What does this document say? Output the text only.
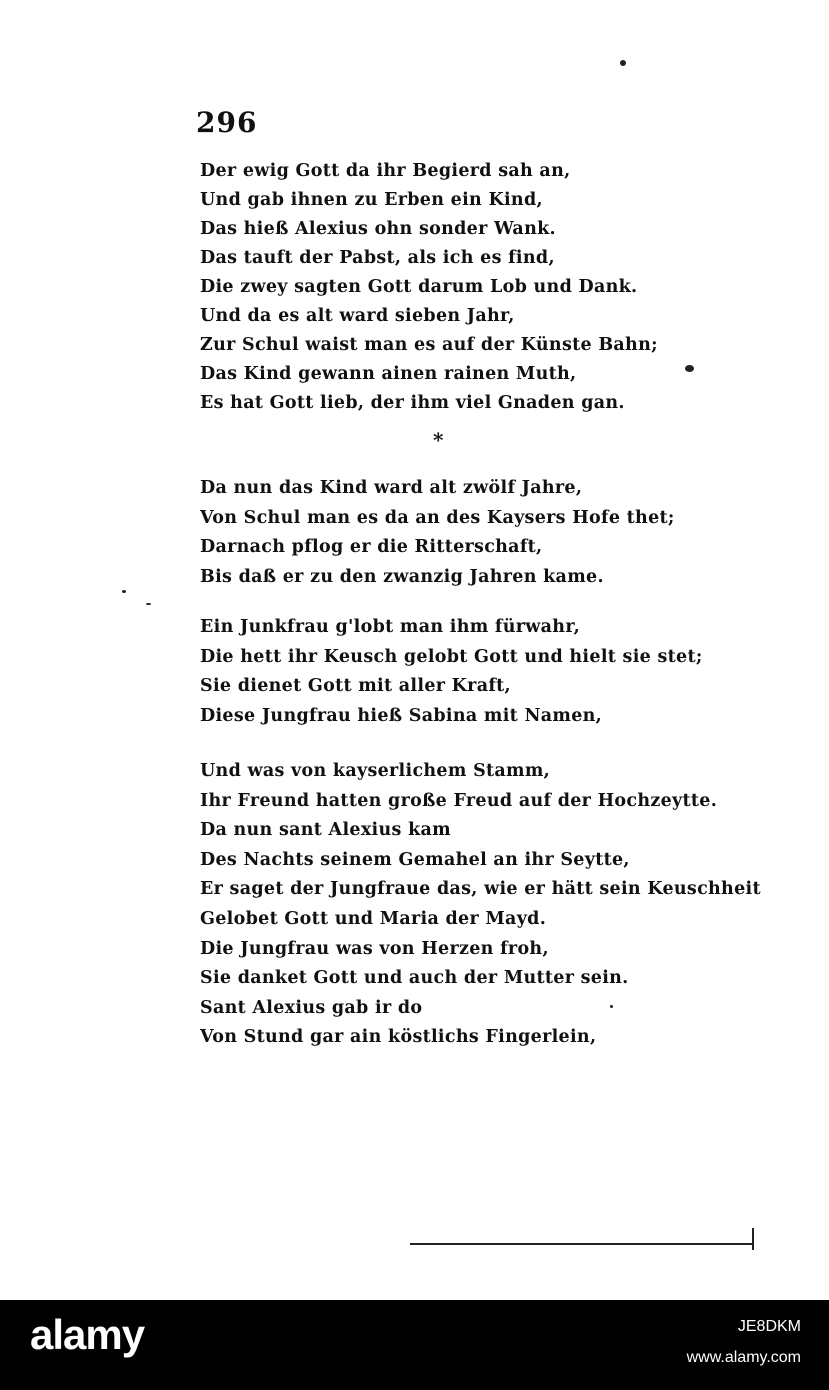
296
Der ewig Gott da ihr Begierd sah an,
Und gab ihnen zu Erben ein Kind,
Das hieß Alexius ohn sonder Wank.
Das tauft der Pabst, als ich es find,
Die zwey sagten Gott darum Lob und Dank.
Und da es alt ward sieben Jahr,
Zur Schul waist man es auf der Künste Bahn;
Das Kind gewann ainen rainen Muth,
Es hat Gott lieb, der ihm viel Gnaden gan.
*
Da nun das Kind ward alt zwölf Jahre,
Von Schul man es da an des Kaysers Hofe thet;
Darnach pflog er die Ritterschaft,
Bis daß er zu den zwanzig Jahren kame.
Ein Junkfrau g'lobt man ihm fürwahr,
Die hett ihr Keusch gelobt Gott und hielt sie stet;
Sie dienet Gott mit aller Kraft,
Diese Jungfrau hieß Sabina mit Namen,
Und was von kayserlichem Stamm,
Ihr Freund hatten große Freud auf der Hochzeytte.
Da nun sant Alexius kam
Des Nachts seinem Gemahel an ihr Seytte,
Er saget der Jungfraue das, wie er hätt sein Keuschheit
Gelobet Gott und Maria der Mayd.
Die Jungfrau was von Herzen froh,
Sie danket Gott und auch der Mutter sein.
Sant Alexius gab ir do
Von Stund gar ain köstlichs Fingerlein,
alamy	JE8DKM
www.alamy.com
